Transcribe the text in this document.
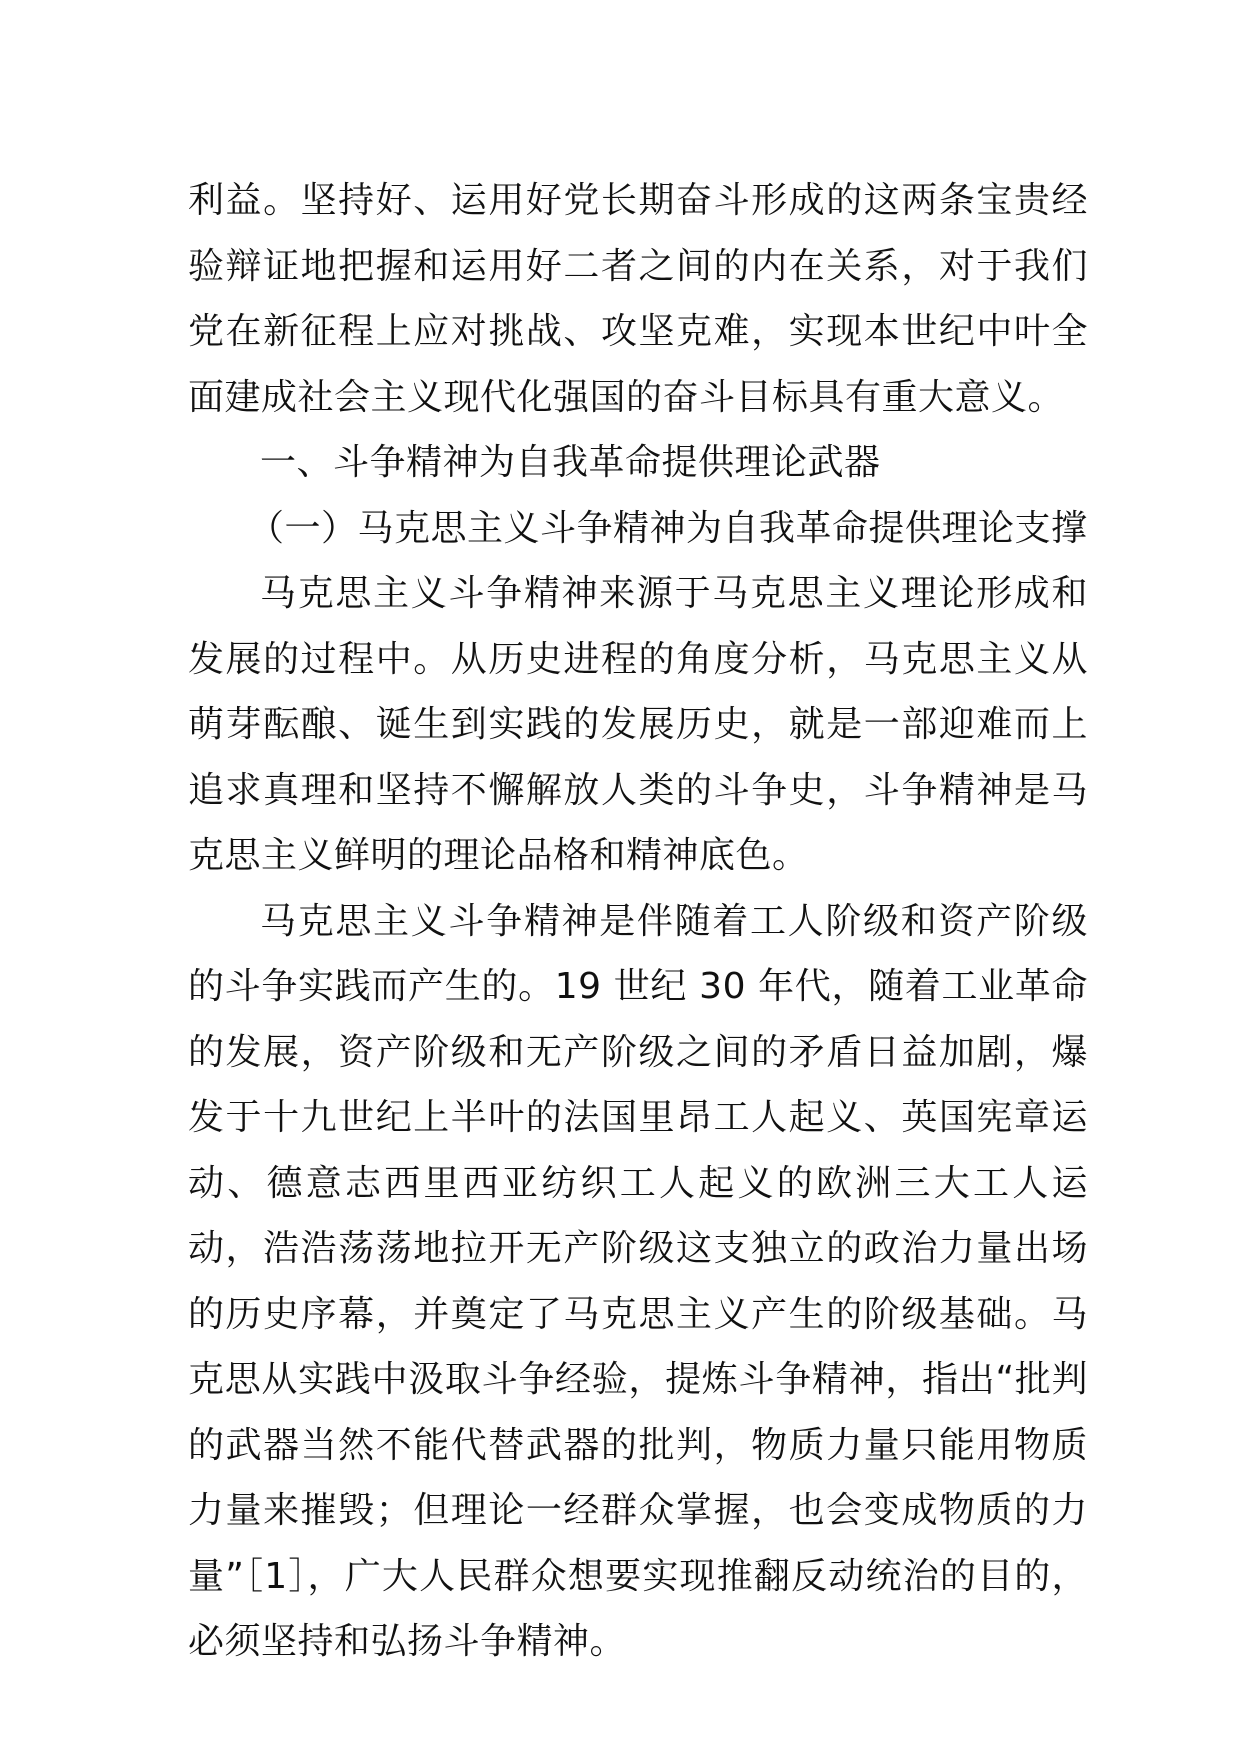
利益。坚持好、运用好党长期奋斗形成的这两条宝贵经验辩证地把握和运用好二者之间的内在关系，对于我们党在新征程上应对挑战、攻坚克难，实现本世纪中叶全面建成社会主义现代化强国的奋斗目标具有重大意义。

一、斗争精神为自我革命提供理论武器
（一）马克思主义斗争精神为自我革命提供理论支撑

马克思主义斗争精神来源于马克思主义理论形成和发展的过程中。从历史进程的角度分析，马克思主义从萌芽酝酿、诞生到实践的发展历史，就是一部迎难而上追求真理和坚持不懈解放人类的斗争史，斗争精神是马克思主义鲜明的理论品格和精神底色。

马克思主义斗争精神是伴随着工人阶级和资产阶级的斗争实践而产生的。19 世纪 30 年代，随着工业革命的发展，资产阶级和无产阶级之间的矛盾日益加剧，爆发于十九世纪上半叶的法国里昂工人起义、英国宪章运动、德意志西里西亚纺织工人起义的欧洲三大工人运动，浩浩荡荡地拉开无产阶级这支独立的政治力量出场的历史序幕，并奠定了马克思主义产生的阶级基础。马克思从实践中汲取斗争经验，提炼斗争精神，指出“批判的武器当然不能代替武器的批判，物质力量只能用物质力量来摧毁；但理论一经群众掌握，也会变成物质的力量”［1］，广大人民群众想要实现推翻反动统治的目的，必须坚持和弘扬斗争精神。
